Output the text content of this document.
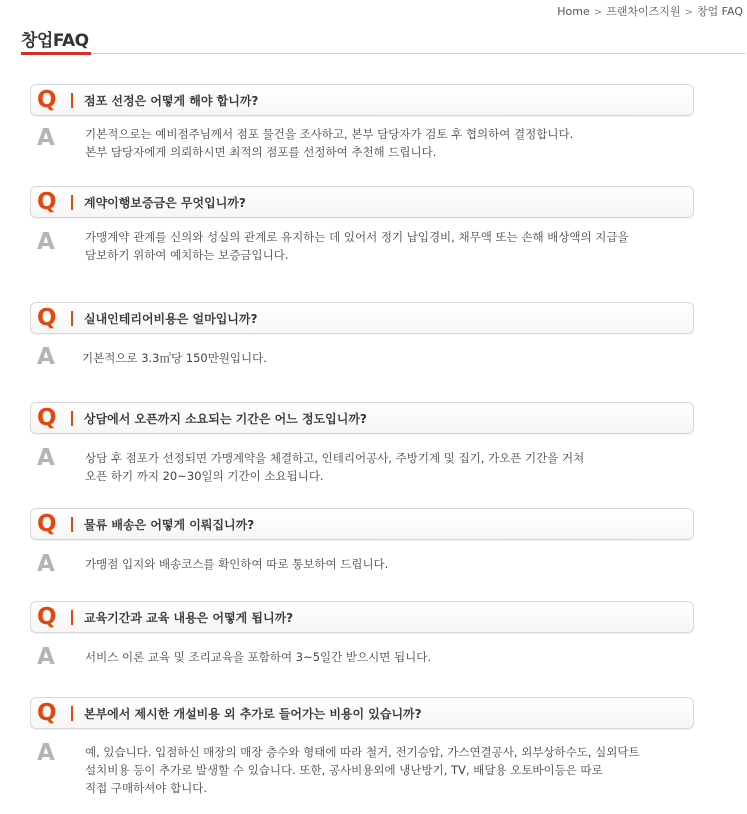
Home > 프랜차이즈지원 > 창업 FAQ
창업FAQ
Q 점포 선정은 어떻게 해야 합니까?
A	기본적으로는 예비점주님께서 점포 물건을 조사하고, 본부 담당자가 검토 후 협의하여 결정합니다.
본부 담당자에게 의뢰하시면 최적의 점포를 선정하여 추천해 드립니다.
Q 계약이행보증금은 무엇입니까?
A	가맹계약 관계를 신의와 성실의 관계로 유지하는 데 있어서 정기 납입경비, 채무액 또는 손해 배상액의 지급을
담보하기 위하여 예치하는 보증금입니다.
Q 실내인테리어비용은 얼마입니까?
A 기본적으로 3.3㎡당 150만원입니다.
Q 상담에서 오픈까지 소요되는 기간은 어느 정도입니까?
A	상담 후 점포가 선정되면 가맹계약을 체결하고, 인테리어공사, 주방기계 및 집기, 가오픈 기간을 거쳐
오픈 하기 까지 20~30일의 기간이 소요됩니다.
Q 물류 배송은 어떻게 이뤄집니까?
A	가맹점 입지와 배송코스를 확인하여 따로 통보하여 드립니다.
Q 교육기간과 교육 내용은 어떻게 됩니까?
A	서비스 이론 교육 및 조리교육을 포함하여 3~5일간 받으시면 됩니다.
Q 본부에서 제시한 개설비용 외 추가로 들어가는 비용이 있습니까?
A	예, 있습니다. 입점하신 매장의 매장 층수와 형태에 따라 철거, 전기승압, 가스연결공사, 외부상하수도, 실외닥트
설치비용 등이 추가로 발생할 수 있습니다. 또한, 공사비용외에 냉난방기, TV, 배달용 오토바이등은 따로
직접 구매하셔야 합니다.
